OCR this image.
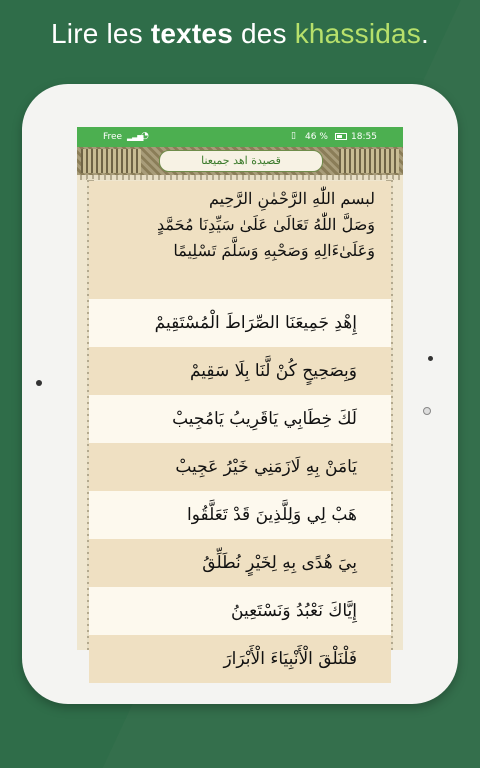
Lire les textes des khassidas.
Free ▂▃▅
◔	▯ 46 %	18:55
قصيدة اهد جميعنا
لبسم اللّٰهِ الرَّحْمٰنِ الرَّحِيم
وَصَلَّ اللّٰهُ تَعَالَىٰ عَلَىٰ سَيِّدِنَا مُحَمَّدٍ
وَعَلَىٰءَالِهِ وَصَحْبِهِ وَسَلَّمَ تَسْلِيمًا
إِهْدِ جَمِيعَنَا الصِّرَاطَ الْمُسْتَقِيمْ
وَبِصَحِيحٍ كُنْ لَّنَا بِلَا سَقِيمْ
لَكَ خِطَابِي يَاقَرِيبُ يَامُجِيبْ
يَامَنْ بِهِ لَازَمَنِي خَيْرُ عَجِيبْ
هَبْ لِي وَلِلَّذِينَ قَدْ تَعَلَّقُوا
بِيَ هُدًى بِهِ لِخَيْرٍ نُطَلِّقُ
إِيَّاكَ نَعْبُدُ وَنَسْتَعِينُ
فَلْنَلْقَ الْأَنْبِيَاءَ الْأَبْرَارَ
